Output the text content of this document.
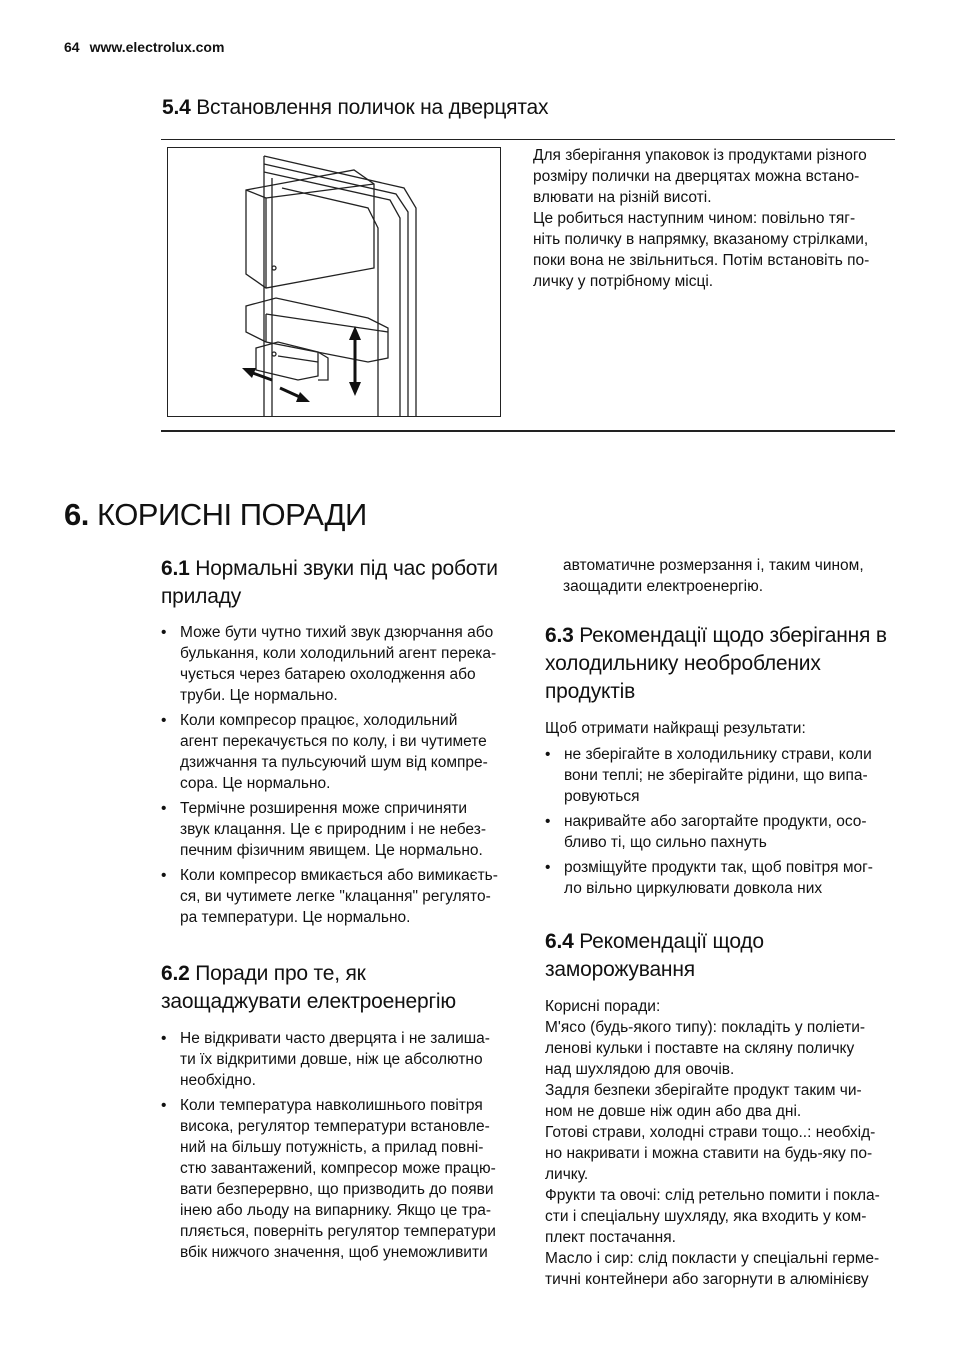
64 www.electrolux.com
5.4 Встановлення поличок на дверцятах
Для зберігання упаковок із продуктами різного
розміру полички на дверцятах можна встано-
влювати на різній висоті.
Це робиться наступним чином: повільно тяг-
ніть поличку в напрямку, вказаному стрілками,
поки вона не звільниться. Потім встановіть по-
личку у потрібному місці.
6. КОРИСНІ ПОРАДИ
6.1 Нормальні звуки під час роботи
приладу
• Може бути чутно тихий звук дзюрчання або
булькання, коли холодильний агент перека-
чується через батарею охолодження або
труби. Це нормально.
• Коли компресор працює, холодильний
агент перекачується по колу, і ви чутимете
дзижчання та пульсуючий шум від компре-
сора. Це нормально.
• Термічне розширення може спричиняти
звук клацання. Це є природним і не небез-
печним фізичним явищем. Це нормально.
• Коли компресор вмикається або вимикаєть-
ся, ви чутимете легке "клацання" регулято-
ра температури. Це нормально.
6.2 Поради про те, як
заощаджувати електроенергію
• Не відкривати часто дверцята і не залиша-
ти їх відкритими довше, ніж це абсолютно
необхідно.
• Коли температура навколишнього повітря
висока, регулятор температури встановле-
ний на більшу потужність, а прилад повні-
стю завантажений, компресор може працю-
вати безперервно, що призводить до появи
інею або льоду на випарнику. Якщо це тра-
пляється, поверніть регулятор температури
вбік нижчого значення, щоб унеможливити
автоматичне розмерзання і, таким чином,
заощадити електроенергію.
6.3 Рекомендації щодо зберігання в
холодильнику необроблених
продуктів
Щоб отримати найкращі результати:
• не зберігайте в холодильнику страви, коли
вони теплі; не зберігайте рідини, що випа-
ровуються
• накривайте або загортайте продукти, осо-
бливо ті, що сильно пахнуть
• розміщуйте продукти так, щоб повітря мог-
ло вільно циркулювати довкола них
6.4 Рекомендації щодо
заморожування
Корисні поради:
М'ясо (будь-якого типу): покладіть у поліети-
ленові кульки і поставте на скляну поличку
над шухлядою для овочів.
Задля безпеки зберігайте продукт таким чи-
ном не довше ніж один або два дні.
Готові страви, холодні страви тощо..: необхід-
но накривати і можна ставити на будь-яку по-
личку.
Фрукти та овочі: слід ретельно помити і покла-
сти і спеціальну шухляду, яка входить у ком-
плект постачання.
Масло і сир: слід покласти у спеціальні герме-
тичні контейнери або загорнути в алюмінієву
